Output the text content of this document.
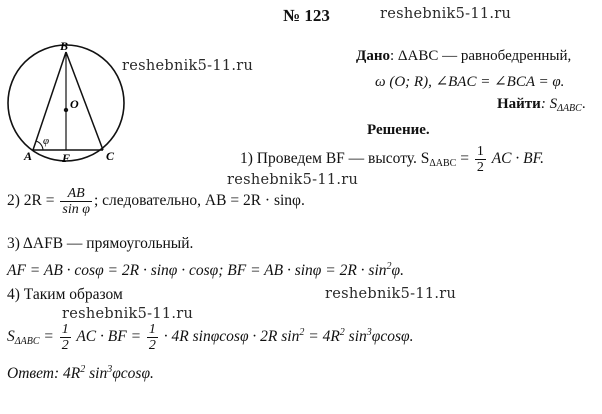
№ 123	reshebnik5-11.ru
reshebnik5-11.ru
reshebnik5-11.ru
reshebnik5-11.ru
reshebnik5-11.ru
B
O
A F	C
φ
Дано: ΔABC — равнобедренный,
ω (O; R), ∠BAC = ∠BCA = φ.
Найти: $S_{\Delta ABC}$.
Решение.
1) Проведем BF — высоту. $S_{\Delta ABC} = \frac{1}{2}$ AC · BF.
2) $2R = \frac{AB}{\text{sin φ}}$ ; следовательно, AB = 2R · sinφ.
3) ΔAFB — прямоугольный.
AF = AB · cosφ = 2R · sinφ · cosφ; BF = AB · $\sin\varphi = 2R \cdot \sin^2\varphi$.
4) Таким образом
$S_{\Delta ABC} = \frac{1}{2}$ AC · BF = $\frac{1}{2} \cdot 4R$ sinφcosφ · 2R $\sin^2 = 4R^2$ $\sin^3\varphi\cos\varphi$.
Ответ: $4R^2$ $\sin^3\varphi\cos\varphi$.
